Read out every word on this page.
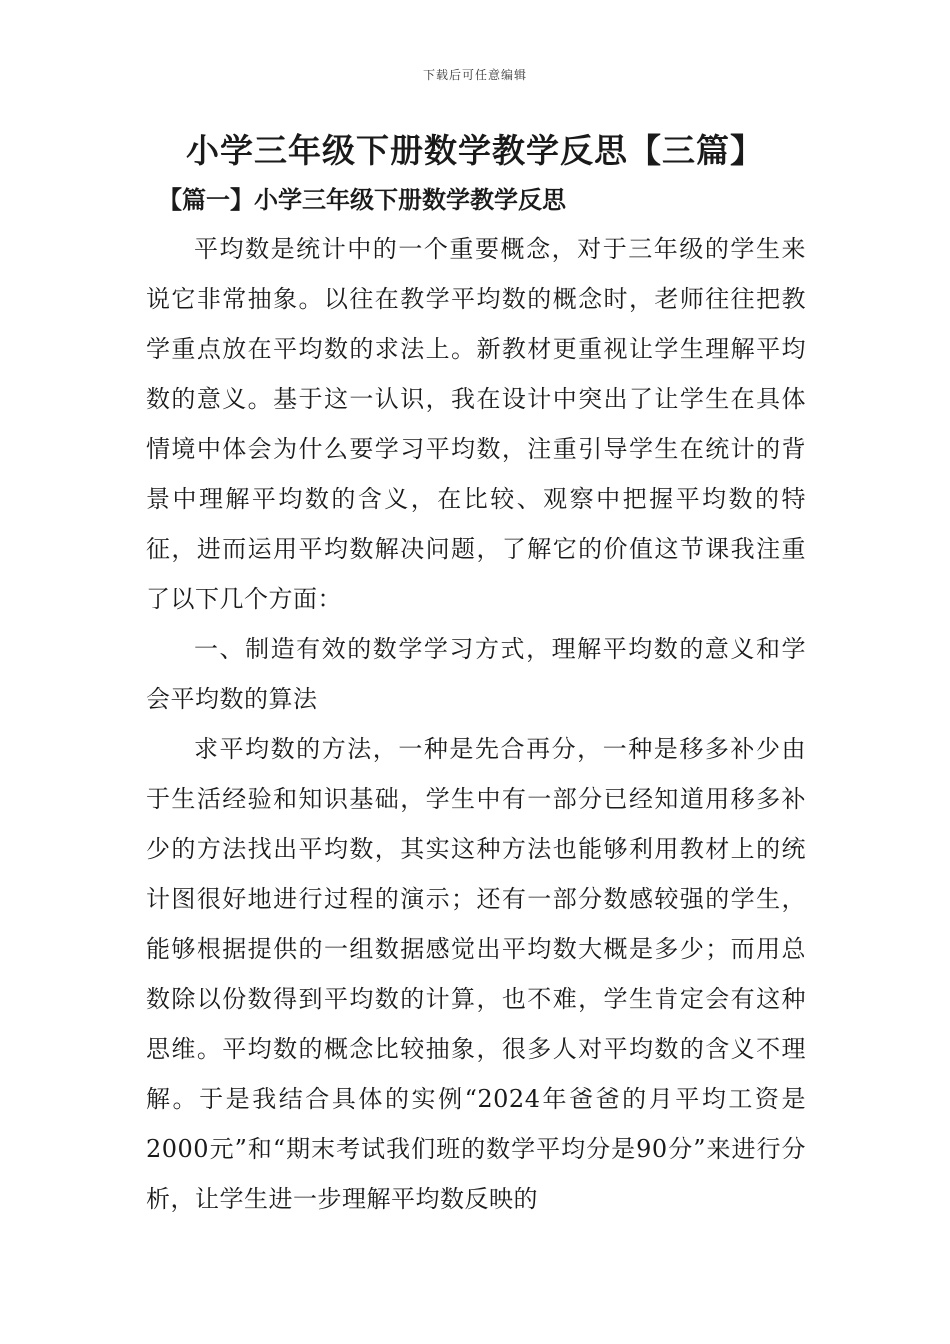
下载后可任意编辑
小学三年级下册数学教学反思【三篇】
【篇一】小学三年级下册数学教学反思

平均数是统计中的一个重要概念，对于三年级的学生来说它非常抽象。以往在教学平均数的概念时，老师往往把教学重点放在平均数的求法上。新教材更重视让学生理解平均数的意义。基于这一认识，我在设计中突出了让学生在具体情境中体会为什么要学习平均数，注重引导学生在统计的背景中理解平均数的含义，在比较、观察中把握平均数的特征，进而运用平均数解决问题，了解它的价值这节课我注重了以下几个方面：

一、制造有效的数学学习方式，理解平均数的意义和学会平均数的算法

求平均数的方法，一种是先合再分，一种是移多补少由于生活经验和知识基础，学生中有一部分已经知道用移多补少的方法找出平均数，其实这种方法也能够利用教材上的统计图很好地进行过程的演示；还有一部分数感较强的学生，能够根据提供的一组数据感觉出平均数大概是多少；而用总数除以份数得到平均数的计算，也不难，学生肯定会有这种思维。平均数的概念比较抽象，很多人对平均数的含义不理解。于是我结合具体的实例“2024年爸爸的月平均工资是2000元”和“期末考试我们班的数学平均分是90分”来进行分析，让学生进一步理解平均数反映的
